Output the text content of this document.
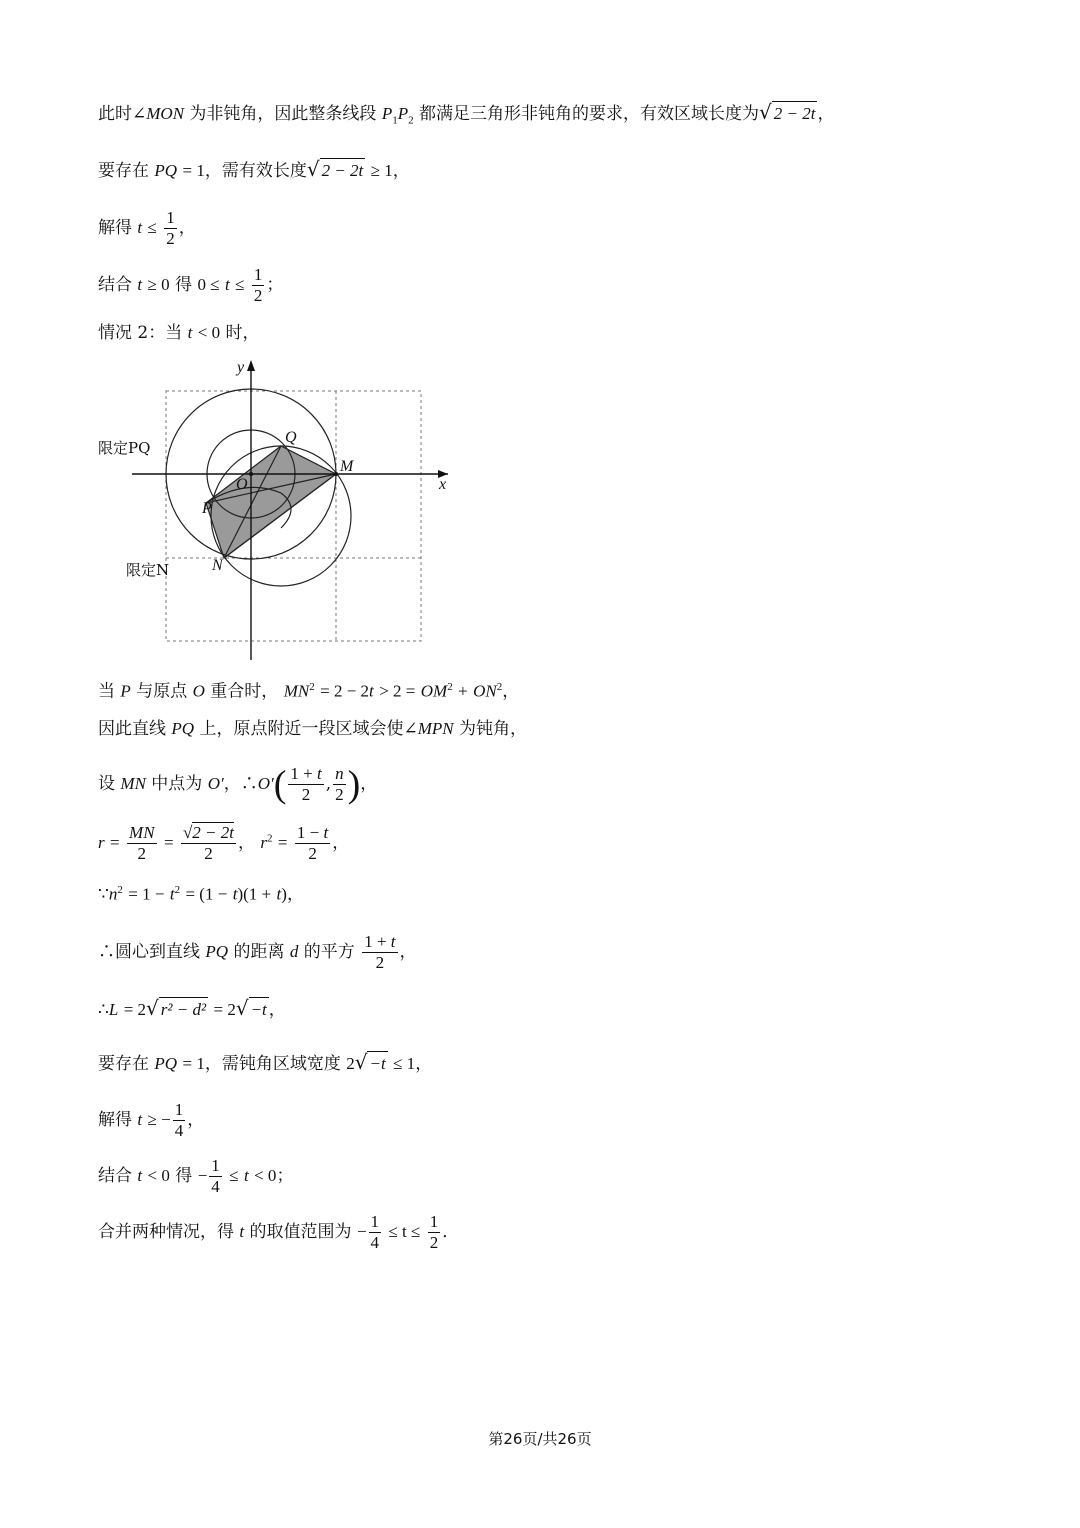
此时∠MON 为非钝角，因此整条线段 $P_1P_2$ 都满足三角形非钝角的要求，有效区域长度为√ 2 − 2t ，
要存在 PQ = 1，需有效长度√ 2 − 2t ≥ 1，
解得 $t \le \frac{1}{2}$ ，
结合 t ≥ 0 得 $0 \le t \le \frac{1}{2}$ ；
情况 2：当 t < 0 时，
O
Q
M
P
N
x
y
限定PQ
限定N
当 P 与原点 O 重合时， $MN^2 = 2 - 2t > 2 = OM^2 + ON^2$，
因此直线 PQ 上，原点附近一段区域会使∠MPN 为钝角，
设 MN 中点为 O′，∴O′( $\frac{1 + t}{2}$ , $\frac{n}{2}$ )，
$r = \frac{MN}{2} = \frac{√2 - 2t}{2}$ ， $r^2 = \frac{1 - t}{2}$ ，
$\because n^2 = 1 - t^2 = (1 - t)(1 + t)$，
∴圆心到直线 PQ 的距离 d 的平方 $\frac{1 + t}{2}$ ，
∴L = 2√ r² − d² = 2√ −t ，
要存在 PQ = 1，需钝角区域宽度 2√ −t ≤ 1，
解得 t ≥ − $\frac{1}{4}$ ，
结合 t < 0 得 − $\frac{1}{4} \le t < 0$；
合并两种情况，得 t 的取值范围为 − $\frac{1}{4} \le t \le \frac{1}{2}$ ．
第26页/共26页
